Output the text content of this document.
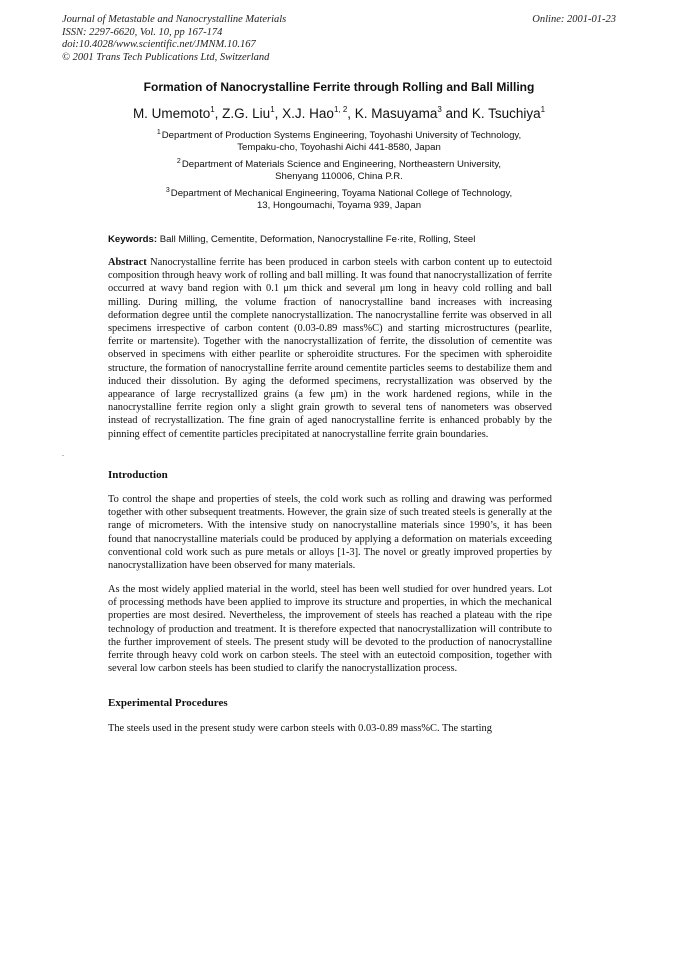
Journal of Metastable and Nanocrystalline Materials
ISSN: 2297-6620, Vol. 10, pp 167-174
doi:10.4028/www.scientific.net/JMNM.10.167
© 2001 Trans Tech Publications Ltd, Switzerland
Online: 2001-01-23
Formation of Nanocrystalline Ferrite through Rolling and Ball Milling
M. Umemoto$^1$, Z.G. Liu$^1$, X.J. Hao$^{1, 2}$, K. Masuyama$^3$ and K. Tsuchiya$^1$
$^1$Department of Production Systems Engineering, Toyohashi University of Technology,
Tempaku-cho, Toyohashi Aichi 441-8580, Japan
$^2$Department of Materials Science and Engineering, Northeastern University,
Shenyang 110006, China P.R.
$^3$Department of Mechanical Engineering, Toyama National College of Technology,
13, Hongoumachi, Toyama 939, Japan
Keywords: Ball Milling, Cementite, Deformation, Nanocrystalline Fe·rite, Rolling, Steel

Abstract Nanocrystalline ferrite has been produced in carbon steels with carbon content up to eutectoid composition through heavy work of rolling and ball milling. It was found that nanocrystallization of ferrite occurred at wavy band region with 0.1 μm thick and several μm long in heavy cold rolling and ball milling. During milling, the volume fraction of nanocrystalline band increases with increasing deformation degree until the complete nanocrystallization. The nanocrystalline ferrite was observed in all specimens irrespective of carbon content (0.03-0.89 mass%C) and starting microstructures (pearlite, ferrite or martensite). Together with the nanocrystallization of ferrite, the dissolution of cementite was observed in specimens with either pearlite or spheroidite structures. For the specimen with spheroidite structure, the formation of nanocrystalline ferrite around cementite particles seems to destabilize them and induced their dissolution. By aging the deformed specimens, recrystallization was observed by the appearance of large recrystallized grains (a few μm) in the work hardened regions, while in the nanocrystalline ferrite region only a slight grain growth to several tens of nanometers was observed instead of recrystallization. The fine grain of aged nanocrystalline ferrite is enhanced probably by the pinning effect of cementite particles precipitated at nanocrystalline ferrite grain boundaries.

Introduction

To control the shape and properties of steels, the cold work such as rolling and drawing was performed together with other subsequent treatments. However, the grain size of such treated steels is generally at the range of micrometers. With the intensive study on nanocrystalline materials since 1990’s, it has been found that nanocrystalline materials could be produced by applying a deformation on materials exceeding conventional cold work such as pure metals or alloys [1-3]. The novel or greatly improved properties by nanocrystallization have been observed for many materials.

As the most widely applied material in the world, steel has been well studied for over hundred years. Lot of processing methods have been applied to improve its structure and properties, in which the mechanical properties are most desired. Nevertheless, the improvement of steels has reached a plateau with the ripe technology of production and treatment. It is therefore expected that nanocrystallization will contribute to the further improvement of steels. The present study will be devoted to the production of nanocrystalline ferrite through heavy cold work on carbon steels. The steel with an eutectoid composition, together with several low carbon steels has been studied to clarify the nanocrystallization process.

Experimental Procedures

The steels used in the present study were carbon steels with 0.03-0.89 mass%C. The starting
